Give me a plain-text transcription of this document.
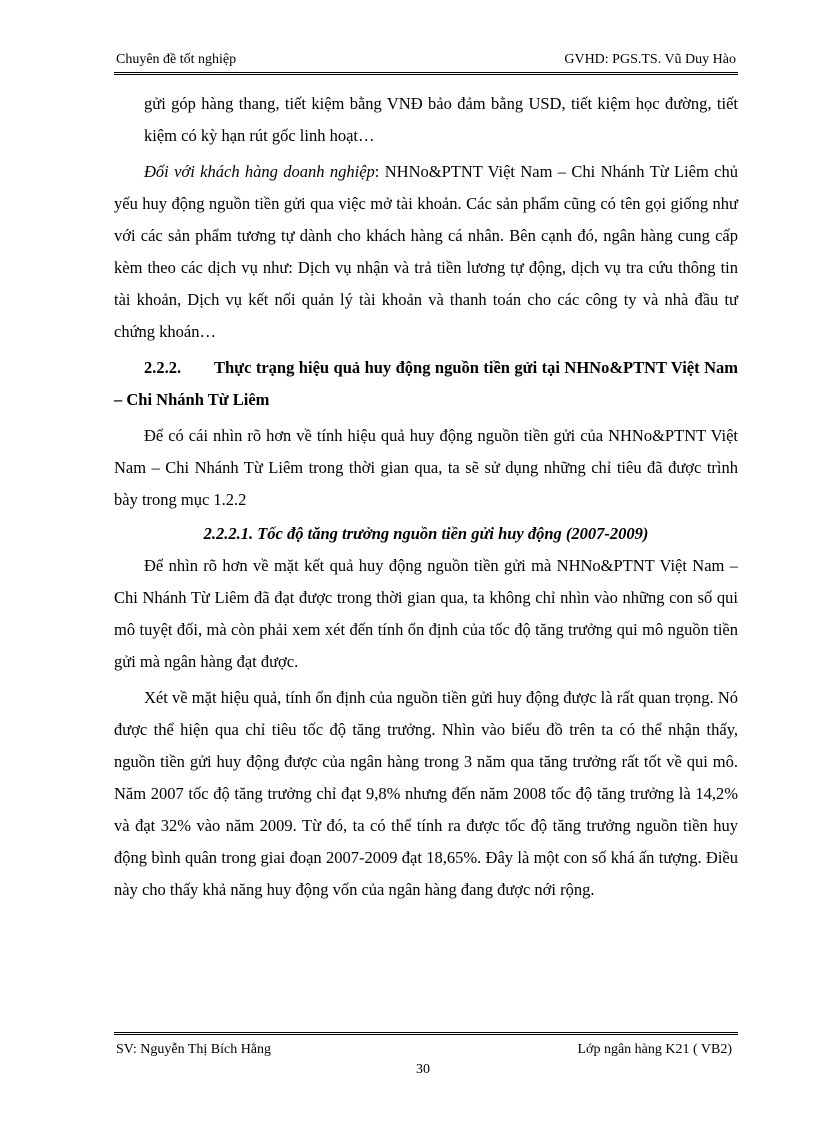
Chuyên đề tốt nghiệp	GVHD: PGS.TS. Vũ Duy Hào

gửi góp hàng thang, tiết kiệm bằng VNĐ bảo đảm bằng USD, tiết kiệm học đường, tiết kiệm có kỳ hạn rút gốc linh hoạt…

Đối với khách hàng doanh nghiệp: NHNo&PTNT Việt Nam – Chi Nhánh Từ Liêm chủ yếu huy động nguồn tiền gửi qua việc mở tài khoản. Các sản phẩm cũng có tên gọi giống như với các sản phẩm tương tự dành cho khách hàng cá nhân. Bên cạnh đó, ngân hàng cung cấp kèm theo các dịch vụ như: Dịch vụ nhận và trả tiền lương tự động, dịch vụ tra cứu thông tin tài khoản, Dịch vụ kết nối quản lý tài khoản và thanh toán cho các công ty và nhà đầu tư chứng khoán…

2.2.2. Thực trạng hiệu quả huy động nguồn tiền gửi tại NHNo&PTNT Việt Nam – Chi Nhánh Từ Liêm

Để có cái nhìn rõ hơn về tính hiệu quả huy động nguồn tiền gửi của NHNo&PTNT Việt Nam – Chi Nhánh Từ Liêm trong thời gian qua, ta sẽ sử dụng những chỉ tiêu đã được trình bày trong mục 1.2.2

2.2.2.1. Tốc độ tăng trưởng nguồn tiền gửi huy động (2007-2009)

Để nhìn rõ hơn về mặt kết quả huy động nguồn tiền gửi mà NHNo&PTNT Việt Nam – Chi Nhánh Từ Liêm đã đạt được trong thời gian qua, ta không chỉ nhìn vào những con số qui mô tuyệt đối, mà còn phải xem xét đến tính ổn định của tốc độ tăng trưởng qui mô nguồn tiền gửi mà ngân hàng đạt được.

Xét về mặt hiệu quả, tính ổn định của nguồn tiền gửi huy động được là rất quan trọng. Nó được thể hiện qua chỉ tiêu tốc độ tăng trưởng. Nhìn vào biểu đồ trên ta có thể nhận thấy, nguồn tiền gửi huy động được của ngân hàng trong 3 năm qua tăng trưởng rất tốt về qui mô. Năm 2007 tốc độ tăng trưởng chỉ đạt 9,8% nhưng đến năm 2008 tốc độ tăng trưởng là 14,2% và đạt 32% vào năm 2009. Từ đó, ta có thể tính ra được tốc độ tăng trưởng nguồn tiền huy động bình quân trong giai đoạn 2007-2009 đạt 18,65%. Đây là một con số khá ấn tượng. Điều này cho thấy khả năng huy động vốn của ngân hàng đang được nới rộng.

SV: Nguyễn Thị Bích Hằng	Lớp ngân hàng K21 ( VB2)
30
